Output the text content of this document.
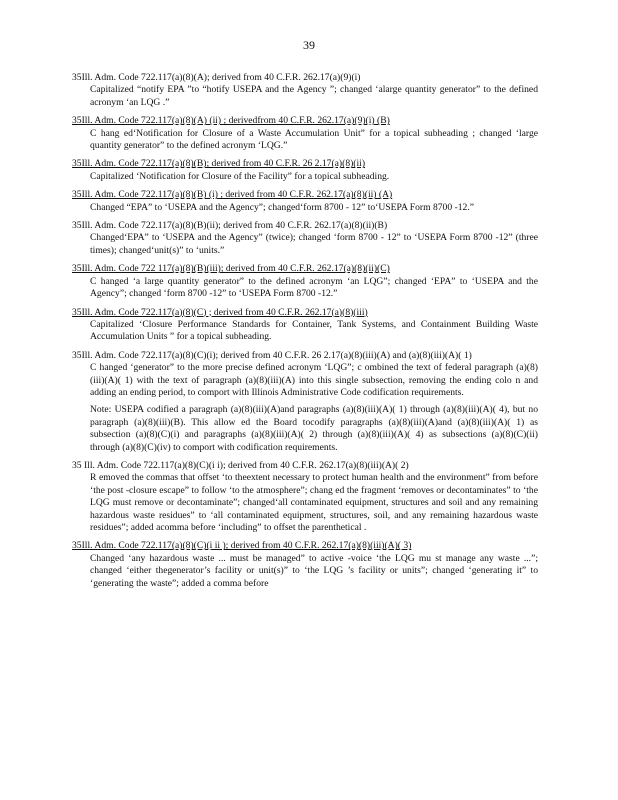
39
35Ill. Adm. Code 722.117(a)(8)(A); derived from 40 C.F.R. 262.17(a)(9)(i)
Capitalized “notify EPA ”to “hotify USEPA and the Agency ”; changed ‘alarge quantity generator” to the defined acronym ‘an LQG .”
35Ill. Adm. Code 722.117(a)(8)(A) (ii) ; derivedfrom 40 C.F.R. 262.17(a)(9)(i) (B)
C hang ed‘Notification for Closure of a Waste Accumulation Unit” for a topical subheading ; changed ‘large quantity generator” to the defined acronym ‘LQG.”
35Ill. Adm. Code 722.117(a)(8)(B); derived from 40 C.F.R. 26 2.17(a)(8)(ii)
Capitalized ‘Notification for Closure of the Facility” for a topical subheading.
35Ill. Adm. Code 722.117(a)(8)(B) (i) ; derived from 40 C.F.R. 262.17(a)(8)(ii) (A)
Changed “EPA” to ‘USEPA and the Agency”; changed‘form 8700 - 12” to‘USEPA Form 8700 -12.”
35Ill. Adm. Code 722.117(a)(8)(B)(ii); derived from 40 C.F.R. 262.17(a)(8)(ii)(B)
Changed‘EPA” to ‘USEPA and the Agency” (twice); changed ‘form 8700 - 12” to ‘USEPA Form 8700 -12” (three times); changed‘unit(s)” to ‘units.”
35Ill. Adm. Code 722 117(a)(8)(B)(iii); derived from 40 C.F.R. 262.17(a)(8)(ii)(C)
C hanged ‘a large quantity generator” to the defined acronym ‘an LQG”; changed ‘EPA” to ‘USEPA and the Agency”; changed ‘form 8700 -12” to ‘USEPA Form 8700 -12.”
35Ill. Adm. Code 722.117(a)(8)(C) ; derived from 40 C.F.R. 262.17(a)(8)(iii)
Capitalized ‘Closure Performance Standards for Container, Tank Systems, and Containment Building Waste Accumulation Units ” for a topical subheading.
35Ill. Adm. Code 722.117(a)(8)(C)(i); derived from 40 C.F.R. 26 2.17(a)(8)(iii)(A) and (a)(8)(iii)(A)( 1)
C hanged ‘generator” to the more precise defined acronym ‘LQG”; c ombined the text of federal paragraph (a)(8)(iii)(A)( 1) with the text of paragraph (a)(8)(iii)(A) into this single subsection, removing the ending colo n and adding an ending period, to comport with Illinois Administrative Code codification requirements.
Note: USEPA codified a paragraph (a)(8)(iii)(A)and paragraphs (a)(8)(iii)(A)( 1) through (a)(8)(iii)(A)( 4), but no paragraph (a)(8)(iii)(B). This allow ed the Board tocodify paragraphs (a)(8)(iii)(A)and (a)(8)(iii)(A)( 1) as subsection (a)(8)(C)(i) and paragraphs (a)(8)(iii)(A)( 2) through (a)(8)(iii)(A)( 4) as subsections (a)(8)(C)(ii) through (a)(8)(C)(iv) to comport with codification requirements.
35 Ill. Adm. Code 722.117(a)(8)(C)(i i); derived from 40 C.F.R. 262.17(a)(8)(iii)(A)( 2)
R emoved the commas that offset ‘to theextent necessary to protect human health and the environment” from before ‘the post -closure escape” to follow ‘to the atmosphere”; chang ed the fragment ‘removes or decontaminates” to ‘the LQG must remove or decontaminate”; changed‘all contaminated equipment, structures and soil and any remaining hazardous waste residues” to ‘all contaminated equipment, structures, soil, and any remaining hazardous waste residues”; added acomma before ‘including” to offset the parenthetical .
35Ill. Adm. Code 722.117(a)(8)(C)(i ii ); derived from 40 C.F.R. 262.17(a)(8)(iii)(A)( 3)
Changed ‘any hazardous waste ... must be managed” to active -voice ‘the LQG mu st manage any waste ...”; changed ‘either thegenerator’s facility or unit(s)” to ‘the LQG ’s facility or units”; changed ‘generating it” to ‘generating the waste”; added a comma before
